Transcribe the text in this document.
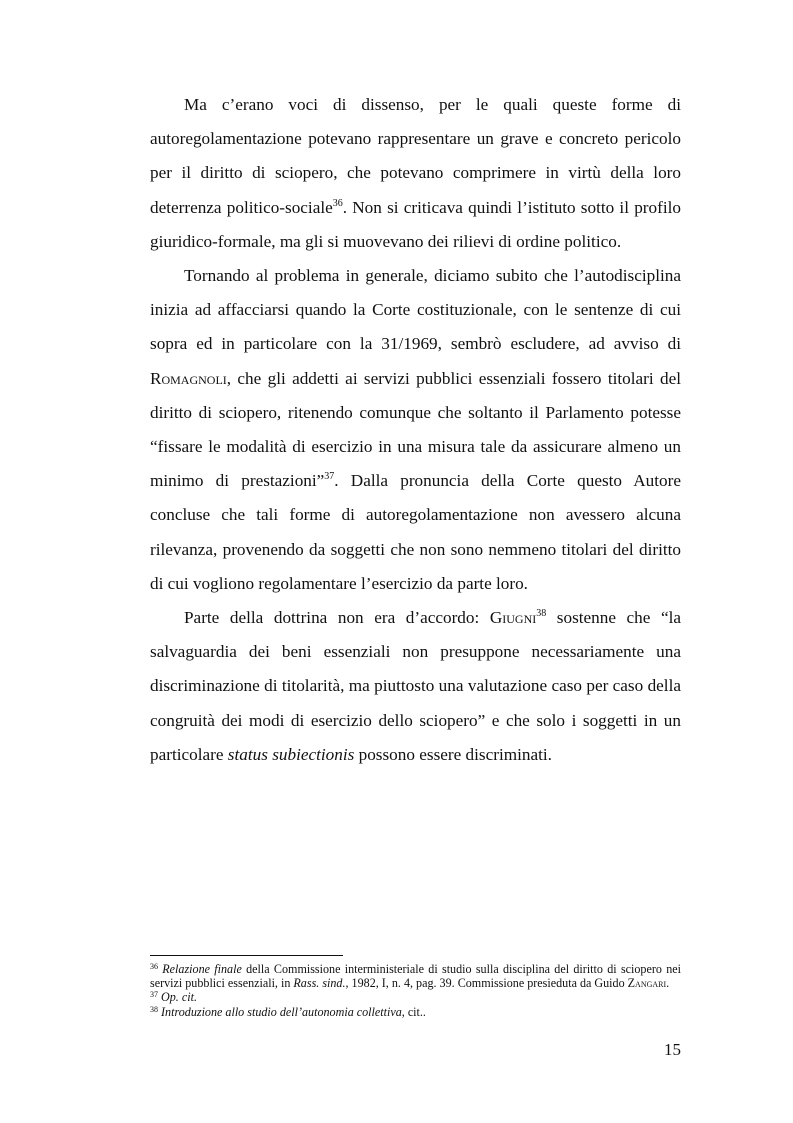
Ma c’erano voci di dissenso, per le quali queste forme di autoregolamentazione potevano rappresentare un grave e concreto pericolo per il diritto di sciopero, che potevano comprimere in virtù della loro deterrenza politico-sociale$^{36}$. Non si criticava quindi l’istituto sotto il profilo giuridico-formale, ma gli si muovevano dei rilievi di ordine politico.

Tornando al problema in generale, diciamo subito che l’autodisciplina inizia ad affacciarsi quando la Corte costituzionale, con le sentenze di cui sopra ed in particolare con la 31/1969, sembrò escludere, ad avviso di Romagnoli, che gli addetti ai servizi pubblici essenziali fossero titolari del diritto di sciopero, ritenendo comunque che soltanto il Parlamento potesse “fissare le modalità di esercizio in una misura tale da assicurare almeno un minimo di prestazioni”$^{37}$. Dalla pronuncia della Corte questo Autore concluse che tali forme di autoregolamentazione non avessero alcuna rilevanza, provenendo da soggetti che non sono nemmeno titolari del diritto di cui vogliono regolamentare l’esercizio da parte loro.

Parte della dottrina non era d’accordo: Giugni$^{38}$ sostenne che “la salvaguardia dei beni essenziali non presuppone necessariamente una discriminazione di titolarità, ma piuttosto una valutazione caso per caso della congruità dei modi di esercizio dello sciopero” e che solo i soggetti in un particolare status subiectionis possono essere discriminati.

$^{36}$ Relazione finale della Commissione interministeriale di studio sulla disciplina del diritto di sciopero nei servizi pubblici essenziali, in Rass. sind., 1982, I, n. 4, pag. 39. Commissione presieduta da Guido Zangari.

$^{37}$ Op. cit.

$^{38}$ Introduzione allo studio dell’autonomia collettiva, cit..

15
